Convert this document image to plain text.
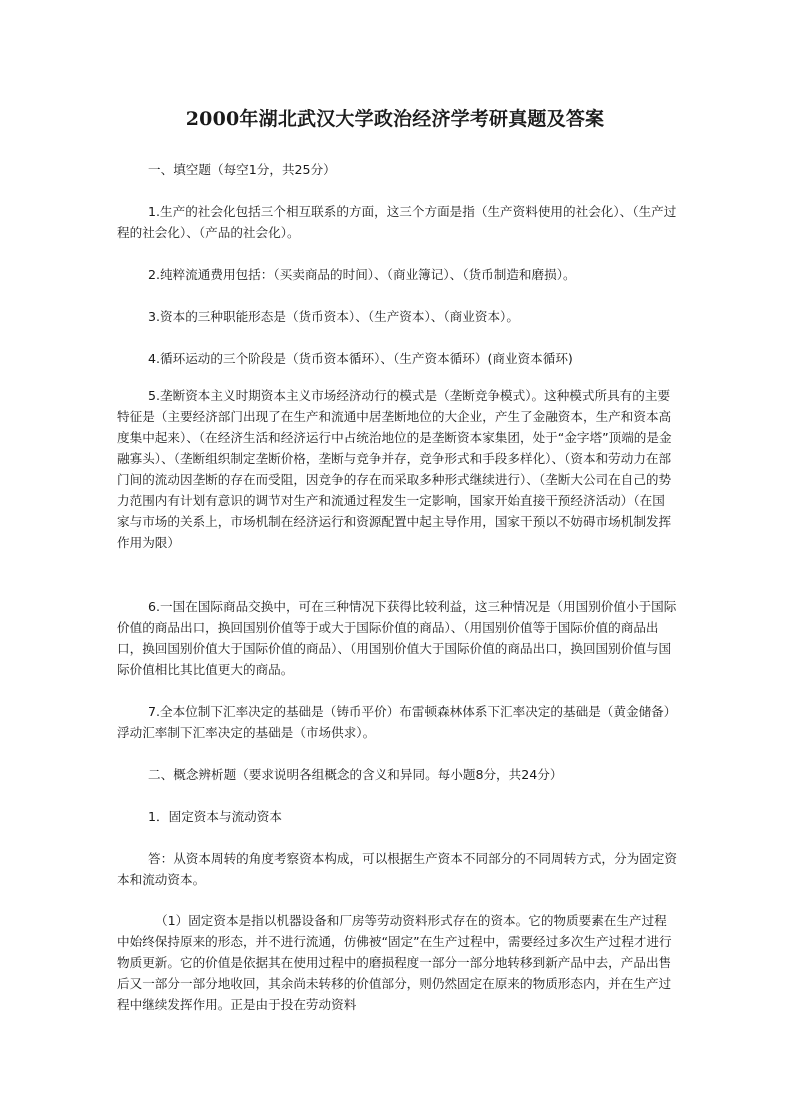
2000年湖北武汉大学政治经济学考研真题及答案

一、填空题（每空1分，共25分）

1.生产的社会化包括三个相互联系的方面，这三个方面是指（生产资料使用的社会化）、（生产过程的社会化）、（产品的社会化）。

2.纯粹流通费用包括：（买卖商品的时间）、（商业簿记）、（货币制造和磨损）。

3.资本的三种职能形态是（货币资本）、（生产资本）、（商业资本）。

4.循环运动的三个阶段是（货币资本循环）、（生产资本循环）(商业资本循环)

5.垄断资本主义时期资本主义市场经济动行的模式是（垄断竞争模式）。这种模式所具有的主要特征是（主要经济部门出现了在生产和流通中居垄断地位的大企业，产生了金融资本，生产和资本高度集中起来）、（在经济生活和经济运行中占统治地位的是垄断资本家集团，处于“金字塔”顶端的是金融寡头）、（垄断组织制定垄断价格，垄断与竞争并存，竞争形式和手段多样化）、（资本和劳动力在部门间的流动因垄断的存在而受阻，因竞争的存在而采取多种形式继续进行）、（垄断大公司在自己的势力范围内有计划有意识的调节对生产和流通过程发生一定影响，国家开始直接干预经济活动）（在国家与市场的关系上，市场机制在经济运行和资源配置中起主导作用，国家干预以不妨碍市场机制发挥作用为限）

6.一国在国际商品交换中，可在三种情况下获得比较利益，这三种情况是（用国别价值小于国际价值的商品出口，换回国别价值等于或大于国际价值的商品）、（用国别价值等于国际价值的商品出口，换回国别价值大于国际价值的商品）、（用国别价值大于国际价值的商品出口，换回国别价值与国际价值相比其比值更大的商品。

7.全本位制下汇率决定的基础是（铸币平价）布雷顿森林体系下汇率决定的基础是（黄金储备）浮动汇率制下汇率决定的基础是（市场供求）。

二、概念辨析题（要求说明各组概念的含义和异同。每小题8分，共24分）

1．固定资本与流动资本

答：从资本周转的角度考察资本构成，可以根据生产资本不同部分的不同周转方式，分为固定资本和流动资本。

（1）固定资本是指以机器设备和厂房等劳动资料形式存在的资本。它的物质要素在生产过程中始终保持原来的形态，并不进行流通，仿佛被“固定”在生产过程中，需要经过多次生产过程才进行物质更新。它的价值是依据其在使用过程中的磨损程度一部分一部分地转移到新产品中去，产品出售后又一部分一部分地收回，其余尚未转移的价值部分，则仍然固定在原来的物质形态内，并在生产过程中继续发挥作用。正是由于投在劳动资料
